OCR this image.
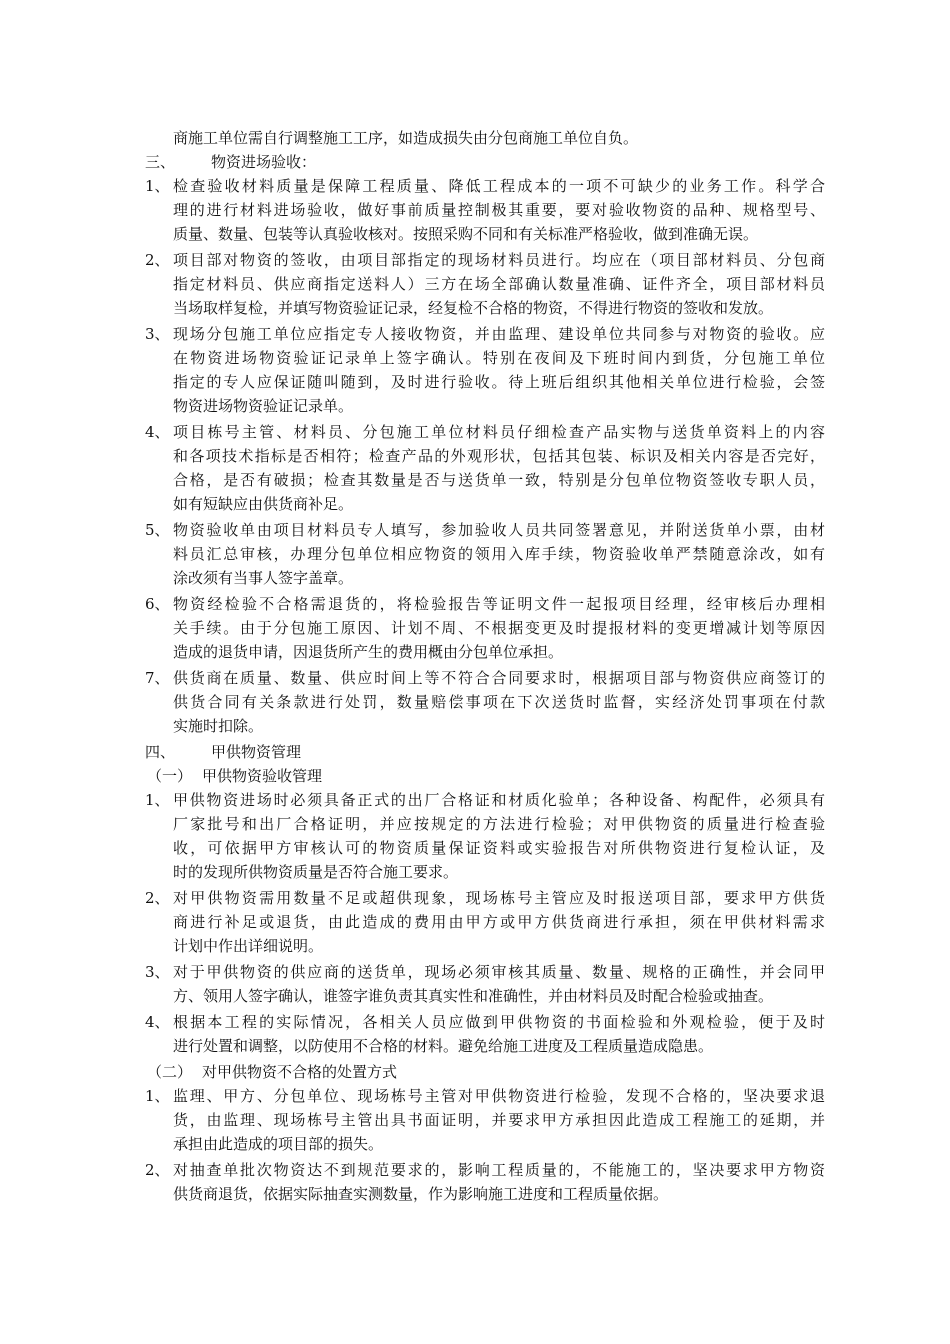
商施工单位需自行调整施工工序，如造成损失由分包商施工单位自负。
三、	物资进场验收：
1、 检查验收材料质量是保障工程质量、降低工程成本的一项不可缺少的业务工作。科学合
理的进行材料进场验收，做好事前质量控制极其重要，要对验收物资的品种、规格型号、
质量、数量、包装等认真验收核对。按照采购不同和有关标准严格验收，做到准确无误。
2、 项目部对物资的签收，由项目部指定的现场材料员进行。均应在（项目部材料员、分包商
指定材料员、供应商指定送料人）三方在场全部确认数量准确、证件齐全，项目部材料员
当场取样复检，并填写物资验证记录，经复检不合格的物资，不得进行物资的签收和发放。
3、 现场分包施工单位应指定专人接收物资，并由监理、建设单位共同参与对物资的验收。应
在物资进场物资验证记录单上签字确认。特别在夜间及下班时间内到货，分包施工单位
指定的专人应保证随叫随到，及时进行验收。待上班后组织其他相关单位进行检验，会签
物资进场物资验证记录单。
4、 项目栋号主管、材料员、分包施工单位材料员仔细检查产品实物与送货单资料上的内容
和各项技术指标是否相符；检查产品的外观形状，包括其包装、标识及相关内容是否完好，
合格，是否有破损；检查其数量是否与送货单一致，特别是分包单位物资签收专职人员，
如有短缺应由供货商补足。
5、 物资验收单由项目材料员专人填写，参加验收人员共同签署意见，并附送货单小票，由材
料员汇总审核，办理分包单位相应物资的领用入库手续，物资验收单严禁随意涂改，如有
涂改须有当事人签字盖章。
6、 物资经检验不合格需退货的，将检验报告等证明文件一起报项目经理，经审核后办理相
关手续。由于分包施工原因、计划不周、不根据变更及时提报材料的变更增减计划等原因
造成的退货申请，因退货所产生的费用概由分包单位承担。
7、 供货商在质量、数量、供应时间上等不符合合同要求时，根据项目部与物资供应商签订的
供货合同有关条款进行处罚，数量赔偿事项在下次送货时监督，实经济处罚事项在付款
实施时扣除。
四、	甲供物资管理
（一） 甲供物资验收管理
1、 甲供物资进场时必须具备正式的出厂合格证和材质化验单；各种设备、构配件，必须具有
厂家批号和出厂合格证明，并应按规定的方法进行检验；对甲供物资的质量进行检查验
收，可依据甲方审核认可的物资质量保证资料或实验报告对所供物资进行复检认证，及
时的发现所供物资质量是否符合施工要求。
2、 对甲供物资需用数量不足或超供现象，现场栋号主管应及时报送项目部，要求甲方供货
商进行补足或退货，由此造成的费用由甲方或甲方供货商进行承担，须在甲供材料需求
计划中作出详细说明。
3、 对于甲供物资的供应商的送货单，现场必须审核其质量、数量、规格的正确性，并会同甲
方、领用人签字确认，谁签字谁负责其真实性和准确性，并由材料员及时配合检验或抽查。
4、 根据本工程的实际情况，各相关人员应做到甲供物资的书面检验和外观检验，便于及时
进行处置和调整，以防使用不合格的材料。避免给施工进度及工程质量造成隐患。
（二） 对甲供物资不合格的处置方式
1、 监理、甲方、分包单位、现场栋号主管对甲供物资进行检验，发现不合格的，坚决要求退
货，由监理、现场栋号主管出具书面证明，并要求甲方承担因此造成工程施工的延期，并
承担由此造成的项目部的损失。
2、 对抽查单批次物资达不到规范要求的，影响工程质量的，不能施工的，坚决要求甲方物资
供货商退货，依据实际抽查实测数量，作为影响施工进度和工程质量依据。
